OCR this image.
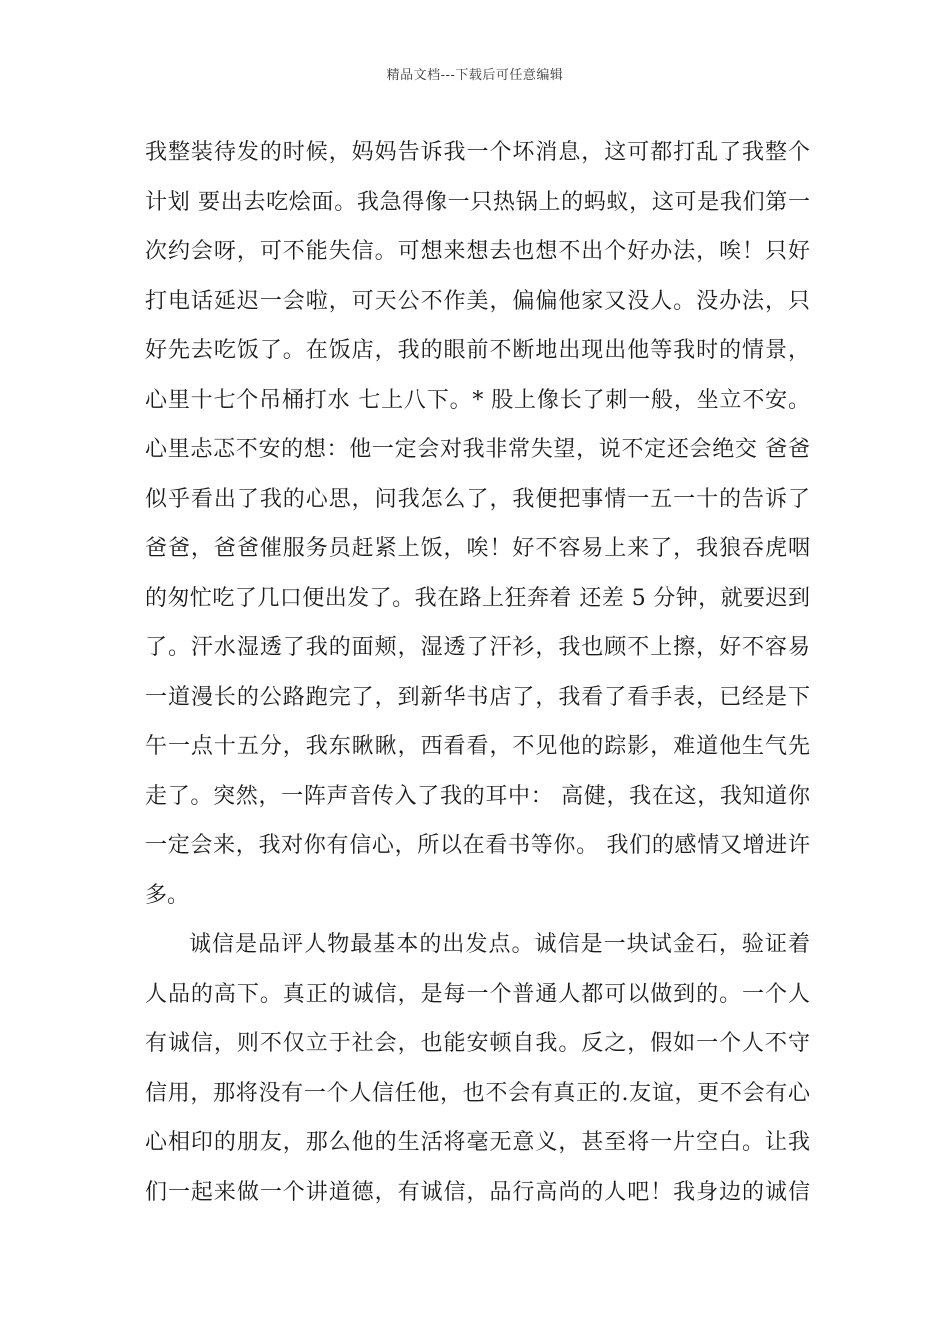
精品文档---下载后可任意编辑
我整装待发的时候，妈妈告诉我一个坏消息，这可都打乱了我整个
计划 要出去吃烩面。我急得像一只热锅上的蚂蚁，这可是我们第一
次约会呀，可不能失信。可想来想去也想不出个好办法，唉！只好
打电话延迟一会啦，可天公不作美，偏偏他家又没人。没办法，只
好先去吃饭了。在饭店，我的眼前不断地出现出他等我时的情景，
心里十七个吊桶打水 七上八下。* 股上像长了刺一般，坐立不安。
心里忐忑不安的想：他一定会对我非常失望，说不定还会绝交 爸爸
似乎看出了我的心思，问我怎么了，我便把事情一五一十的告诉了
爸爸，爸爸催服务员赶紧上饭，唉！好不容易上来了，我狼吞虎咽
的匆忙吃了几口便出发了。我在路上狂奔着 还差 5 分钟，就要迟到
了。汗水湿透了我的面颊，湿透了汗衫，我也顾不上擦，好不容易
一道漫长的公路跑完了，到新华书店了，我看了看手表，已经是下
午一点十五分，我东瞅瞅，西看看，不见他的踪影，难道他生气先
走了。突然，一阵声音传入了我的耳中： 高健，我在这，我知道你
一定会来，我对你有信心，所以在看书等你。 我们的感情又增进许
多。
诚信是品评人物最基本的出发点。诚信是一块试金石，验证着
人品的高下。真正的诚信，是每一个普通人都可以做到的。一个人
有诚信，则不仅立于社会，也能安顿自我。反之，假如一个人不守
信用，那将没有一个人信任他，也不会有真正的.友谊，更不会有心
心相印的朋友，那么他的生活将毫无意义，甚至将一片空白。让我
们一起来做一个讲道德，有诚信，品行高尚的人吧！我身边的诚信
